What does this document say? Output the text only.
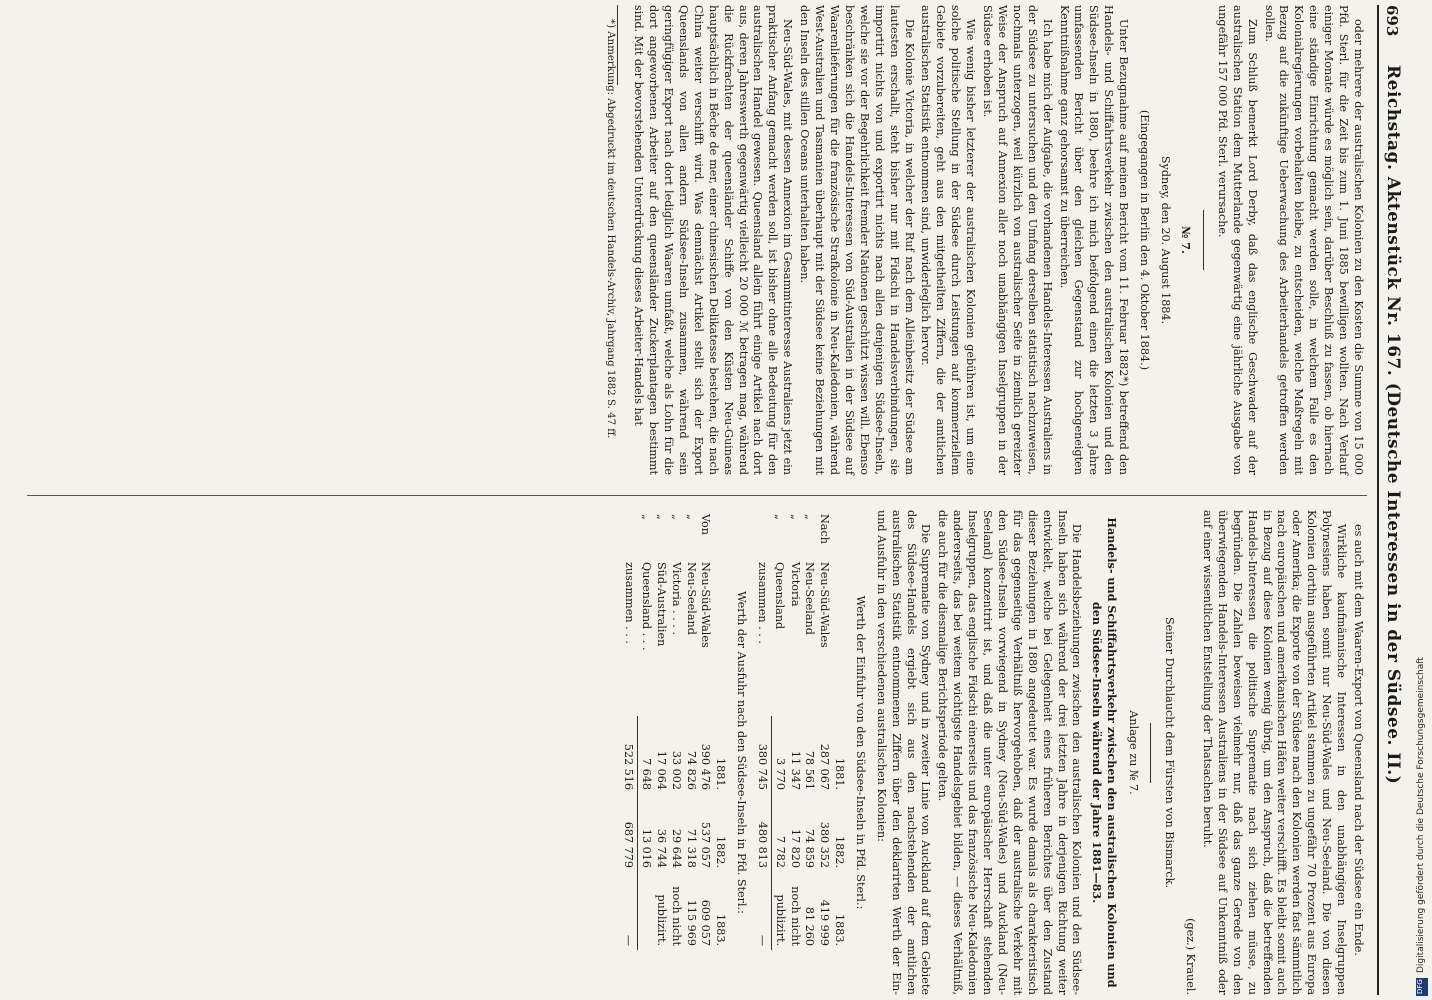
693
Reichstag. Aktenstück Nr. 167. (Deutsche Interessen in der Südsee. II.)

oder mehrere der australischen Kolonien zu den Kosten die Summe von 15 000 Pfd. Sterl. für die Zeit bis zum 1. Juni 1885 bewilligen wollten. Nach Verlauf einiger Monate würde es möglich sein, darüber Beschluß zu fassen, ob hiernach eine ständige Einrichtung gemacht werden solle, in welchem Falle es den Kolonialregierungen vorbehalten bleibe, zu entscheiden, welche Maßregeln mit Bezug auf die zukünftige Ueberwachung des Arbeiterhandels getroffen werden sollen.

Zum Schluß bemerkt Lord Derby, daß das englische Geschwader auf der australischen Station dem Mutterlande gegenwärtig eine jährliche Ausgabe von ungefähr 157 000 Pfd. Sterl. verursache.

№ 7.

Sydney, den 20. August 1884.

(Eingegangen in Berlin den 4. Oktober 1884.)

Unter Bezugnahme auf meinen Bericht vom 11. Februar 1882*) betreffend den Handels- und Schiffahrtsverkehr zwischen den australischen Kolonien und den Südsee-Inseln in 1880, beehre ich mich beifolgend einen die letzten 3 Jahre umfassenden Bericht über den gleichen Gegenstand zur hochgeneigten Kenntnißnahme ganz gehorsamst zu überreichen.

Ich habe mich der Aufgabe, die vorhandenen Handels-Interessen Australiens in der Südsee zu untersuchen und den Umfang derselben statistisch nachzuweisen, nochmals unterzogen, weil kürzlich von australischer Seite in ziemlich gereizter Weise der Anspruch auf Annexion aller noch unabhängigen Inselgruppen in der Südsee erhoben ist.

Wie wenig bisher letzterer der australischen Kolonien gebühren ist, um eine solche politische Stellung in der Südsee durch Leistungen auf kommerziellem Gebiete vorzubereiten, geht aus den mitgetheilten Ziffern, die der amtlichen australischen Statistik entnommen sind, unwiderleglich hervor.

Die Kolonie Victoria, in welcher der Ruf nach dem Alleinbesitz der Südsee am lautesten erschallt, steht bisher nur mit Fidschi in Handelsverbindungen, sie importirt nichts von und exportirt nichts nach allen denjenigen Südsee-Inseln, welche sie vor der Begehrlichkeit fremder Nationen geschützt wissen will. Ebenso beschränken sich die Handels-Interessen von Süd-Australien in der Südsee auf Waarenlieferungen für die französische Strafkolonie in Neu-Kaledonien, während West-Australien und Tasmanien überhaupt mit der Südsee keine Beziehungen mit den Inseln des stillen Oceans unterhalten haben.

Neu-Süd-Wales, mit dessen Annexion im Gesammtinteresse Australiens jetzt ein praktischer Anfang gemacht werden soll, ist bisher ohne alle Bedeutung für den australischen Handel gewesen. Queensland allein führt einige Artikel nach dort aus, deren Jahreswerth gegenwärtig vielleicht 20 000 ℳ betragen mag, während die Rückfrachten der queensländer Schiffe von den Küsten Neu-Guineas hauptsächlich in Bêche de mer, einer chinesischen Delikatesse bestehen, die nach China weiter verschifft wird. Was demnächst Artikel stellt sich der Export Queenslands von allen andern Südsee-Inseln zusammen, während sein geringfügiger Export nach dort lediglich Waaren umfaßt, welche als Lohn für die dort angeworbenen Arbeiter auf den queensländer Zuckerplantagen bestimmt sind. Mit der bevorstehenden Unterdrückung dieses Arbeiter-Handels hat

*) Anmerkung: Abgedruckt im deutschen Handels-Archiv, Jahrgang 1882 S. 47 ff.

es auch mit dem Waaren-Export von Queensland nach der Südsee ein Ende.

Wirkliche kaufmännische Interessen in den unabhängigen Inselgruppen Polynesiens haben somit nur Neu-Süd-Wales und Neu-Seeland. Die von diesen Kolonien dorthin ausgeführten Artikel stammen zu ungefähr 70 Prozent aus Europa oder Amerika; die Exporte von der Südsee nach den Kolonien werden fast sämmtlich nach europäischen und amerikanischen Häfen weiter verschifft. Es bleibt somit auch in Bezug auf diese Kolonien wenig übrig, um den Anspruch, daß die betreffenden Handels-Interessen die politische Suprematie nach sich ziehen müsse, zu begründen. Die Zahlen beweisen vielmehr nur, daß das ganze Gerede von den überwiegenden Handels-Interessen Australiens in der Südsee auf Unkenntniß oder auf einer wissentlichen Entstellung der Thatsachen beruht.

(gez.) Krauel.

Seiner Durchlaucht dem Fürsten von Bismarck.

Anlage zu № 7.

Handels- und Schiffahrtsverkehr zwischen den australischen Kolonien und den Südsee-Inseln während der Jahre 1881—83.

Die Handelsbeziehungen zwischen den australischen Kolonien und den Südsee-Inseln haben sich während der drei letzten Jahre in derjenigen Richtung weiter entwickelt, welche bei Gelegenheit eines früheren Berichtes über den Zustand dieser Beziehungen in 1880 angedeutet war. Es wurde damals als charakteristisch für das gegenseitige Verhältniß hervorgehoben, daß der australische Verkehr mit den Südsee-Inseln vorwiegend in Sydney (Neu-Süd-Wales) und Auckland (Neu-Seeland) konzentrirt ist, und daß die unter europäischer Herrschaft stehenden Inselgruppen, das englische Fidschi einerseits und das französische Neu-Kaledonien andererseits, das bei weitem wichtigste Handelsgebiet bilden, — dieses Verhältniß, die auch für die diesmalige Berichtsperiode gelten.

Die Suprematie von Sydney und in zweiter Linie von Auckland auf dem Gebiete des Südsee-Handels ergiebt sich aus den nachstehenden der amtlichen australischen Statistik entnommenen Ziffern über den deklarirten Werth der Ein- und Ausfuhr in den verschiedenen australischen Kolonien:

Werth der Einfuhr von den Südsee-Inseln in Pfd. Sterl.:

		1881.	1882.	1883.
Nach	Neu-Süd-Wales	287 067	380 352	419 999
„	Neu-Seeland	78 561	74 859	81 260
„	Victoria	11 347	17 820	noch nicht
„	Queensland	3 770	7 782	publizirt.
	zusammen . . .	380 745	480 813	—

Werth der Ausfuhr nach den Südsee-Inseln in Pfd. Sterl.:

		1881.	1882.	1883.
Von	Neu-Süd-Wales	390 476	537 057	609 057
„	Neu-Seeland	74 826	71 318	115 969
„	Victoria . . . .	33 002	29 644	noch nicht
„	Süd-Australien	17 064	36 744	publizirt.
„	Queensland . . .	7 648	13 016	
	zusammen . . .	522 516	687 779	—	Digitalisierung gefördert durch die Deutsche Forschungsgemeinschaft
DFG
